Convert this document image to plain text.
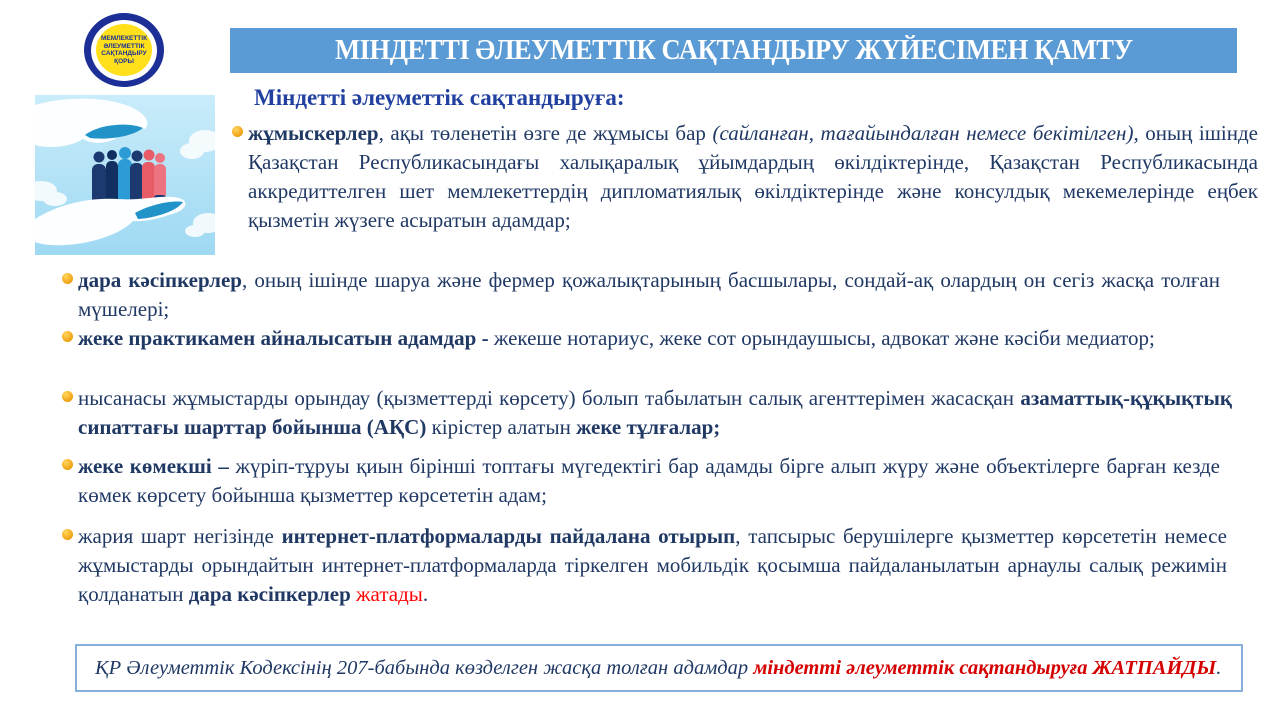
МЕМЛЕКЕТТІК
ӘЛЕУМЕТТІК
САҚТАНДЫРУ
ҚОРЫ	МІНДЕТТІ ӘЛЕУМЕТТІК САҚТАНДЫРУ ЖҮЙЕСІМЕН ҚАМТУ
Міндетті әлеуметтік сақтандыруға:
жұмыскерлер, ақы төленетін өзге де жұмысы бар (сайланған, тағайындалған немесе бекітілген), оның ішінде Қазақстан Республикасындағы халықаралық ұйымдардың өкілдіктерінде, Қазақстан Республикасында аккредиттелген шет мемлекеттердің дипломатиялық өкілдіктерінде және консулдық мекемелерінде еңбек қызметін жүзеге асыратын адамдар;
дара кәсіпкерлер, оның ішінде шаруа және фермер қожалықтарының басшылары, сондай-ақ олардың он сегіз жасқа толған мүшелері;
жеке практикамен айналысатын адамдар - жекеше нотариус, жеке сот орындаушысы, адвокат және кәсіби медиатор;
нысанасы жұмыстарды орындау (қызметтерді көрсету) болып табылатын салық агенттерімен жасасқан азаматтық-құқықтық сипаттағы шарттар бойынша (АҚС) кірістер алатын жеке тұлғалар;
жеке көмекші – жүріп-тұруы қиын бірінші топтағы мүгедектігі бар адамды бірге алып жүру және объектілерге барған кезде көмек көрсету бойынша қызметтер көрсететін адам;
жария шарт негізінде интернет-платформаларды пайдалана отырып, тапсырыс берушілерге қызметтер көрсететін немесе жұмыстарды орындайтын интернет-платформаларда тіркелген мобильдік қосымша пайдаланылатын арнаулы салық режимін қолданатын дара кәсіпкерлер жатады.
ҚР Әлеуметтік Кодексінің 207-бабында көзделген жасқа толған адамдар міндетті әлеуметтік сақтандыруға ЖАТПАЙДЫ.
